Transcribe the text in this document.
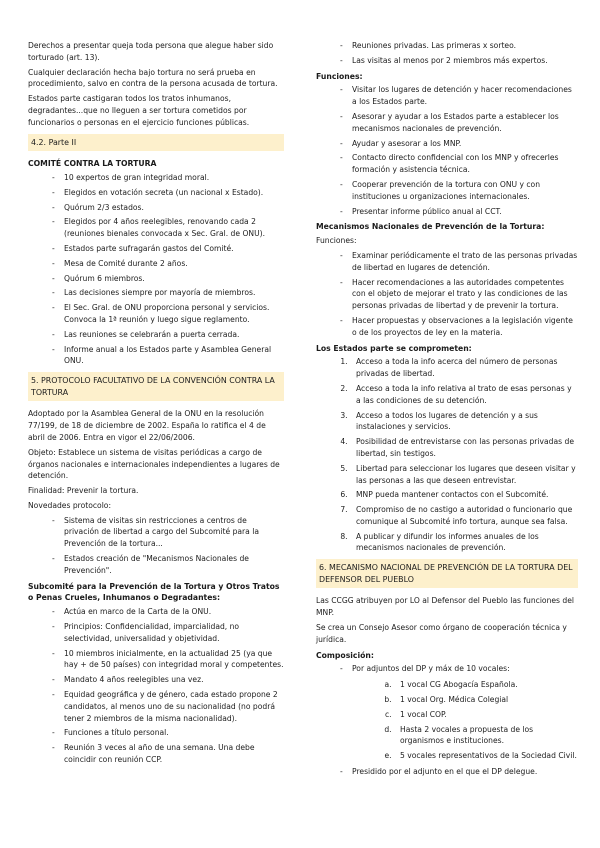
Derechos a presentar queja toda persona que alegue haber sido torturado (art. 13).

Cualquier declaración hecha bajo tortura no será prueba en procedimiento, salvo en contra de la persona acusada de tortura.

Estados parte castigaran todos los tratos inhumanos, degradantes...que no lleguen a ser tortura cometidos por funcionarios o personas en el ejercicio funciones públicas.

4.2. Parte II
COMITÉ CONTRA LA TORTURA
- 10 expertos de gran integridad moral.
- Elegidos en votación secreta (un nacional x Estado).
- Quórum 2/3 estados.
- Elegidos por 4 años reelegibles, renovando cada 2 (reuniones bienales convocada x Sec. Gral. de ONU).
- Estados parte sufragarán gastos del Comité.
- Mesa de Comité durante 2 años.
- Quórum 6 miembros.
- Las decisiones siempre por mayoría de miembros.
- El Sec. Gral. de ONU proporciona personal y servicios. Convoca la 1ª reunión y luego sigue reglamento.
- Las reuniones se celebrarán a puerta cerrada.
- Informe anual a los Estados parte y Asamblea General ONU.
5. PROTOCOLO FACULTATIVO DE LA CONVENCIÓN CONTRA LA TORTURA

Adoptado por la Asamblea General de la ONU en la resolución 77/199, de 18 de diciembre de 2002. España lo ratifica el 4 de abril de 2006. Entra en vigor el 22/06/2006.

Objeto: Establece un sistema de visitas periódicas a cargo de órganos nacionales e internacionales independientes a lugares de detención.

Finalidad: Prevenir la tortura.

Novedades protocolo:

- Sistema de visitas sin restricciones a centros de privación de libertad a cargo del Subcomité para la Prevención de la tortura...
- Estados creación de "Mecanismos Nacionales de Prevención".
Subcomité para la Prevención de la Tortura y Otros Tratos o Penas Crueles, Inhumanos o Degradantes:
- Actúa en marco de la Carta de la ONU.
- Principios: Confidencialidad, imparcialidad, no selectividad, universalidad y objetividad.
- 10 miembros inicialmente, en la actualidad 25 (ya que hay + de 50 países) con integridad moral y competentes.
- Mandato 4 años reelegibles una vez.
- Equidad geográfica y de género, cada estado propone 2 candidatos, al menos uno de su nacionalidad (no podrá tener 2 miembros de la misma nacionalidad).
- Funciones a título personal.
- Reunión 3 veces al año de una semana. Una debe coincidir con reunión CCP.
- Reuniones privadas. Las primeras x sorteo.
- Las visitas al menos por 2 miembros más expertos.
Funciones:
- Visitar los lugares de detención y hacer recomendaciones a los Estados parte.
- Asesorar y ayudar a los Estados parte a establecer los mecanismos nacionales de prevención.
- Ayudar y asesorar a los MNP.
- Contacto directo confidencial con los MNP y ofrecerles formación y asistencia técnica.
- Cooperar prevención de la tortura con ONU y con instituciones u organizaciones internacionales.
- Presentar informe público anual al CCT.
Mecanismos Nacionales de Prevención de la Tortura:

Funciones:

- Examinar periódicamente el trato de las personas privadas de libertad en lugares de detención.
- Hacer recomendaciones a las autoridades competentes con el objeto de mejorar el trato y las condiciones de las personas privadas de libertad y de prevenir la tortura.
- Hacer propuestas y observaciones a la legislación vigente o de los proyectos de ley en la materia.
Los Estados parte se comprometen:
1. Acceso a toda la info acerca del número de personas privadas de libertad.
2. Acceso a toda la info relativa al trato de esas personas y a las condiciones de su detención.
3. Acceso a todos los lugares de detención y a sus instalaciones y servicios.
4. Posibilidad de entrevistarse con las personas privadas de libertad, sin testigos.
5. Libertad para seleccionar los lugares que deseen visitar y las personas a las que deseen entrevistar.
6. MNP pueda mantener contactos con el Subcomité.
7. Compromiso de no castigo a autoridad o funcionario que comunique al Subcomité info tortura, aunque sea falsa.
8. A publicar y difundir los informes anuales de los mecanismos nacionales de prevención.
6. MECANISMO NACIONAL DE PREVENCIÓN DE LA TORTURA DEL DEFENSOR DEL PUEBLO

Las CCGG atribuyen por LO al Defensor del Pueblo las funciones del MNP.

Se crea un Consejo Asesor como órgano de cooperación técnica y jurídica.

Composición:
- Por adjuntos del DP y máx de 10 vocales:
a. 1 vocal CG Abogacía Española.
b. 1 vocal Org. Médica Colegial
c. 1 vocal COP.
d. Hasta 2 vocales a propuesta de los organismos e instituciones.
e. 5 vocales representativos de la Sociedad Civil.
- Presidido por el adjunto en el que el DP delegue.
